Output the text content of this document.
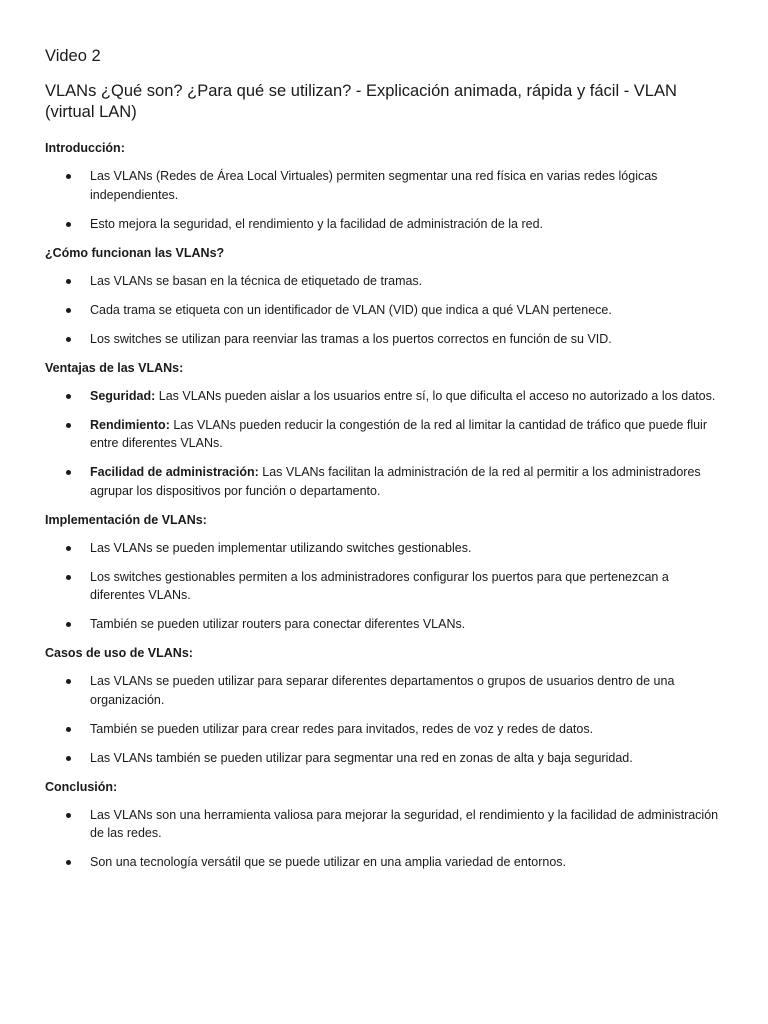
Video 2
VLANs ¿Qué son? ¿Para qué se utilizan? - Explicación animada, rápida y fácil - VLAN (virtual LAN)
Introducción:
Las VLANs (Redes de Área Local Virtuales) permiten segmentar una red física en varias redes lógicas independientes.
Esto mejora la seguridad, el rendimiento y la facilidad de administración de la red.
¿Cómo funcionan las VLANs?
Las VLANs se basan en la técnica de etiquetado de tramas.
Cada trama se etiqueta con un identificador de VLAN (VID) que indica a qué VLAN pertenece.
Los switches se utilizan para reenviar las tramas a los puertos correctos en función de su VID.
Ventajas de las VLANs:
Seguridad: Las VLANs pueden aislar a los usuarios entre sí, lo que dificulta el acceso no autorizado a los datos.
Rendimiento: Las VLANs pueden reducir la congestión de la red al limitar la cantidad de tráfico que puede fluir entre diferentes VLANs.
Facilidad de administración: Las VLANs facilitan la administración de la red al permitir a los administradores agrupar los dispositivos por función o departamento.
Implementación de VLANs:
Las VLANs se pueden implementar utilizando switches gestionables.
Los switches gestionables permiten a los administradores configurar los puertos para que pertenezcan a diferentes VLANs.
También se pueden utilizar routers para conectar diferentes VLANs.
Casos de uso de VLANs:
Las VLANs se pueden utilizar para separar diferentes departamentos o grupos de usuarios dentro de una organización.
También se pueden utilizar para crear redes para invitados, redes de voz y redes de datos.
Las VLANs también se pueden utilizar para segmentar una red en zonas de alta y baja seguridad.
Conclusión:
Las VLANs son una herramienta valiosa para mejorar la seguridad, el rendimiento y la facilidad de administración de las redes.
Son una tecnología versátil que se puede utilizar en una amplia variedad de entornos.
